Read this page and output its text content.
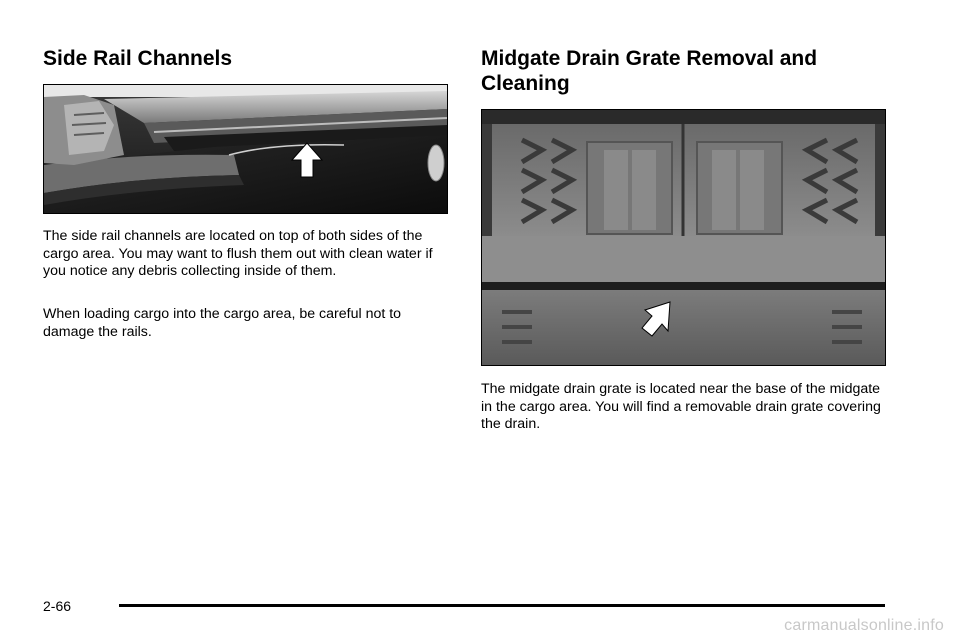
Side Rail Channels

The side rail channels are located on top of both sides of the cargo area. You may want to flush them out with clean water if you notice any debris collecting inside of them.

When loading cargo into the cargo area, be careful not to damage the rails.

Midgate Drain Grate Removal and Cleaning

The midgate drain grate is located near the base of the midgate in the cargo area. You will find a removable drain grate covering the drain.

2-66
carmanualsonline.info
